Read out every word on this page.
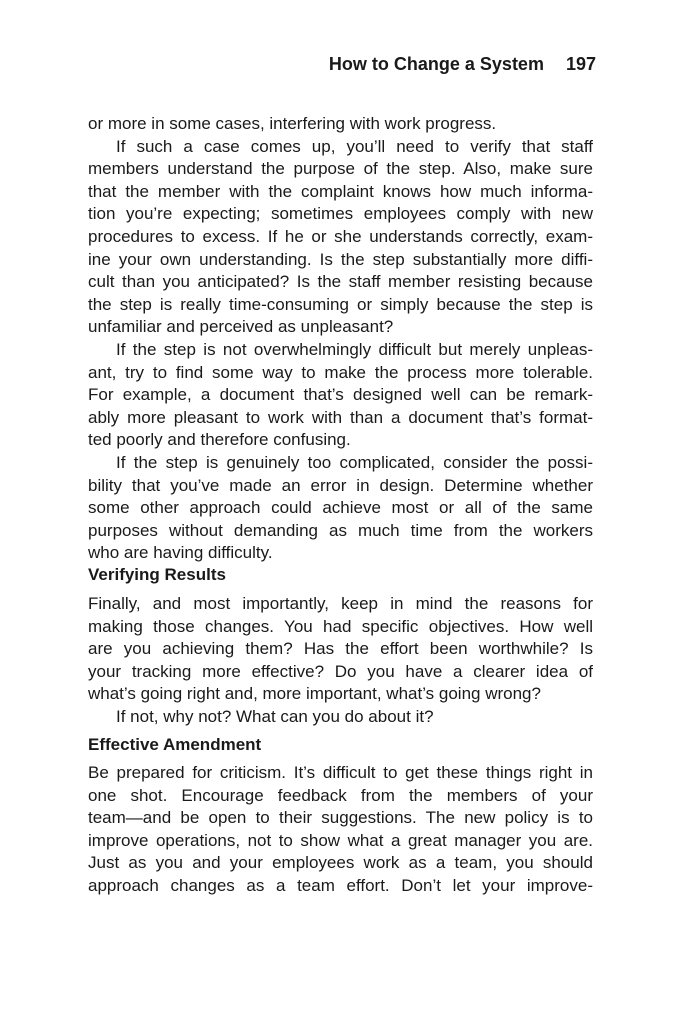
How to Change a System 197
or more in some cases, interfering with work progress.
If such a case comes up, you’ll need to verify that staff
members understand the purpose of the step. Also, make sure
that the member with the complaint knows how much informa-
tion you’re expecting; sometimes employees comply with new
procedures to excess. If he or she understands correctly, exam-
ine your own understanding. Is the step substantially more diffi-
cult than you anticipated? Is the staff member resisting because
the step is really time-consuming or simply because the step is
unfamiliar and perceived as unpleasant?
If the step is not overwhelmingly difficult but merely unpleas-
ant, try to find some way to make the process more tolerable.
For example, a document that’s designed well can be remark-
ably more pleasant to work with than a document that’s format-
ted poorly and therefore confusing.
If the step is genuinely too complicated, consider the possi-
bility that you’ve made an error in design. Determine whether
some other approach could achieve most or all of the same
purposes without demanding as much time from the workers
who are having difficulty.
Verifying Results
Finally, and most importantly, keep in mind the reasons for
making those changes. You had specific objectives. How well
are you achieving them? Has the effort been worthwhile? Is
your tracking more effective? Do you have a clearer idea of
what’s going right and, more important, what’s going wrong?
If not, why not? What can you do about it?
Effective Amendment
Be prepared for criticism. It’s difficult to get these things right in
one shot. Encourage feedback from the members of your
team—and be open to their suggestions. The new policy is to
improve operations, not to show what a great manager you are.
Just as you and your employees work as a team, you should
approach changes as a team effort. Don’t let your improve-
